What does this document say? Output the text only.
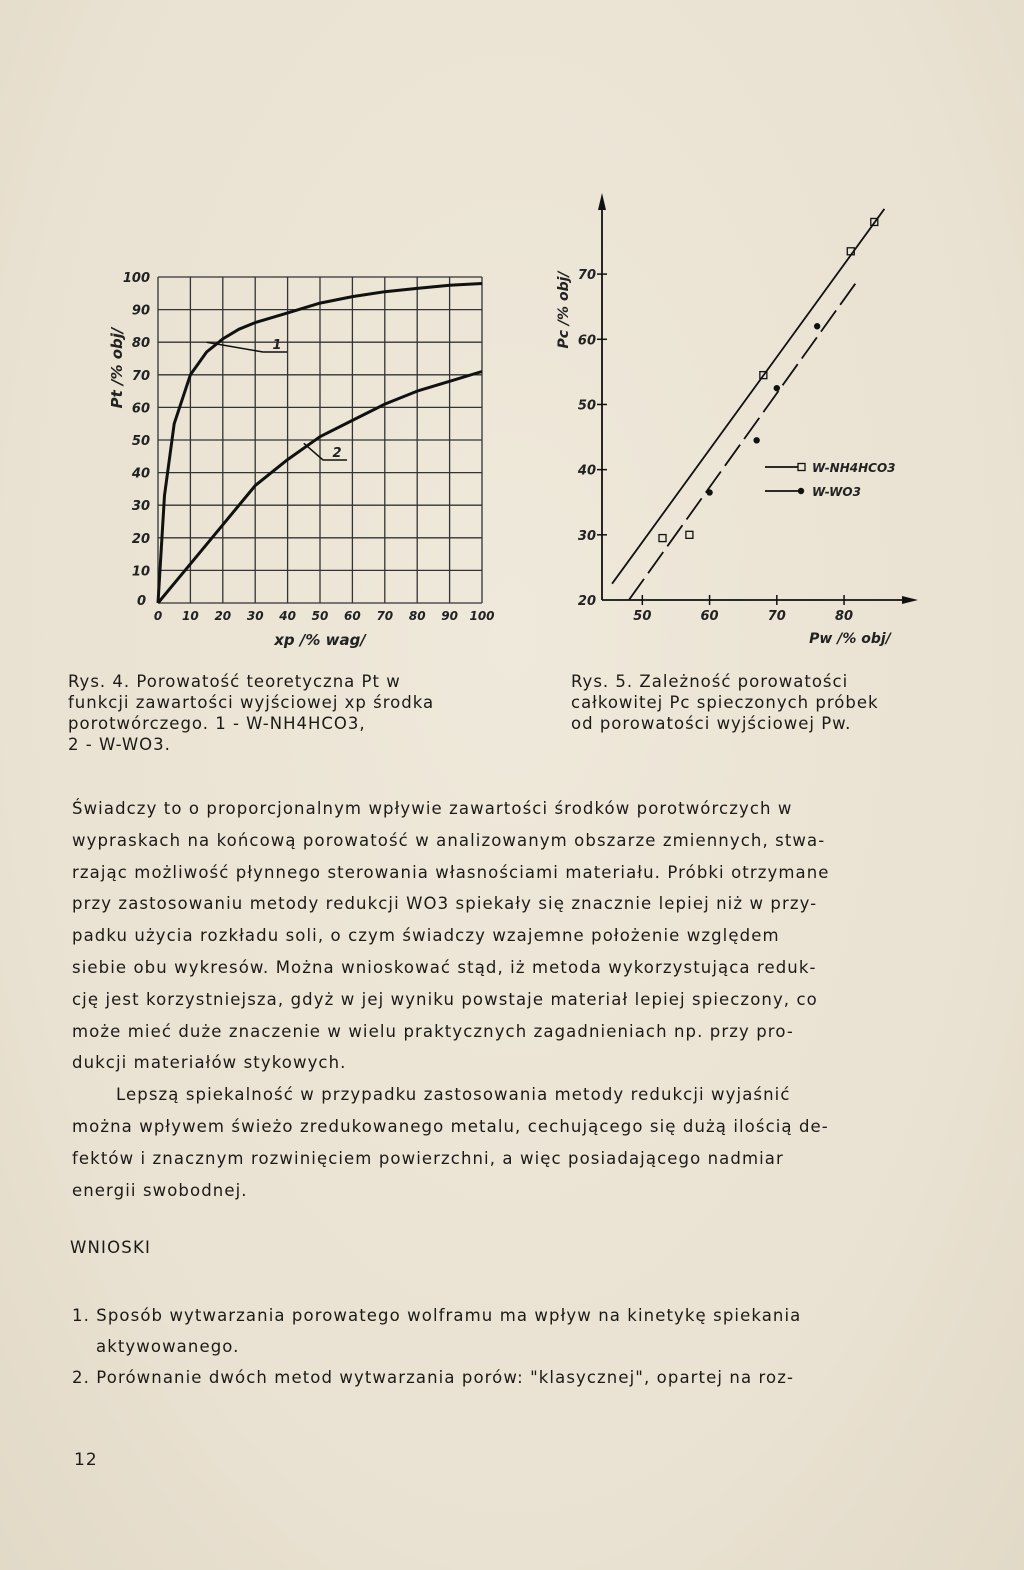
0 10 20 30 40 50 60 70 80 90 100
0
10
20
30
40
50
60
70
80
90
100
xp /% wag/
Pt /% obj/	1
2
20
30
40
50
60
70
50	60	70	80
Pw /% obj/
Pc /% obj/
W-NH4HCO3
W-WO3
Rys. 4. Porowatość teoretyczna Pt w
funkcji zawartości wyjściowej xp środka
porotwórczego. 1 - W-NH4HCO3,
2 - W-WO3.
Rys. 5. Zależność porowatości
całkowitej Pc spieczonych próbek
od porowatości wyjściowej Pw.
Świadczy to o proporcjonalnym wpływie zawartości środków porotwórczych w
wypraskach na końcową porowatość w analizowanym obszarze zmiennych, stwa-
rzając możliwość płynnego sterowania własnościami materiału. Próbki otrzymane
przy zastosowaniu metody redukcji WO3 spiekały się znacznie lepiej niż w przy-
padku użycia rozkładu soli, o czym świadczy wzajemne położenie względem
siebie obu wykresów. Można wnioskować stąd, iż metoda wykorzystująca reduk-
cję jest korzystniejsza, gdyż w jej wyniku powstaje materiał lepiej spieczony, co
może mieć duże znaczenie w wielu praktycznych zagadnieniach np. przy pro-
dukcji materiałów stykowych.
Lepszą spiekalność w przypadku zastosowania metody redukcji wyjaśnić
można wpływem świeżo zredukowanego metalu, cechującego się dużą ilością de-
fektów i znacznym rozwinięciem powierzchni, a więc posiadającego nadmiar
energii swobodnej.
WNIOSKI
1. Sposób wytwarzania porowatego wolframu ma wpływ na kinetykę spiekania
aktywowanego.
2. Porównanie dwóch metod wytwarzania porów: "klasycznej", opartej na roz-
12
